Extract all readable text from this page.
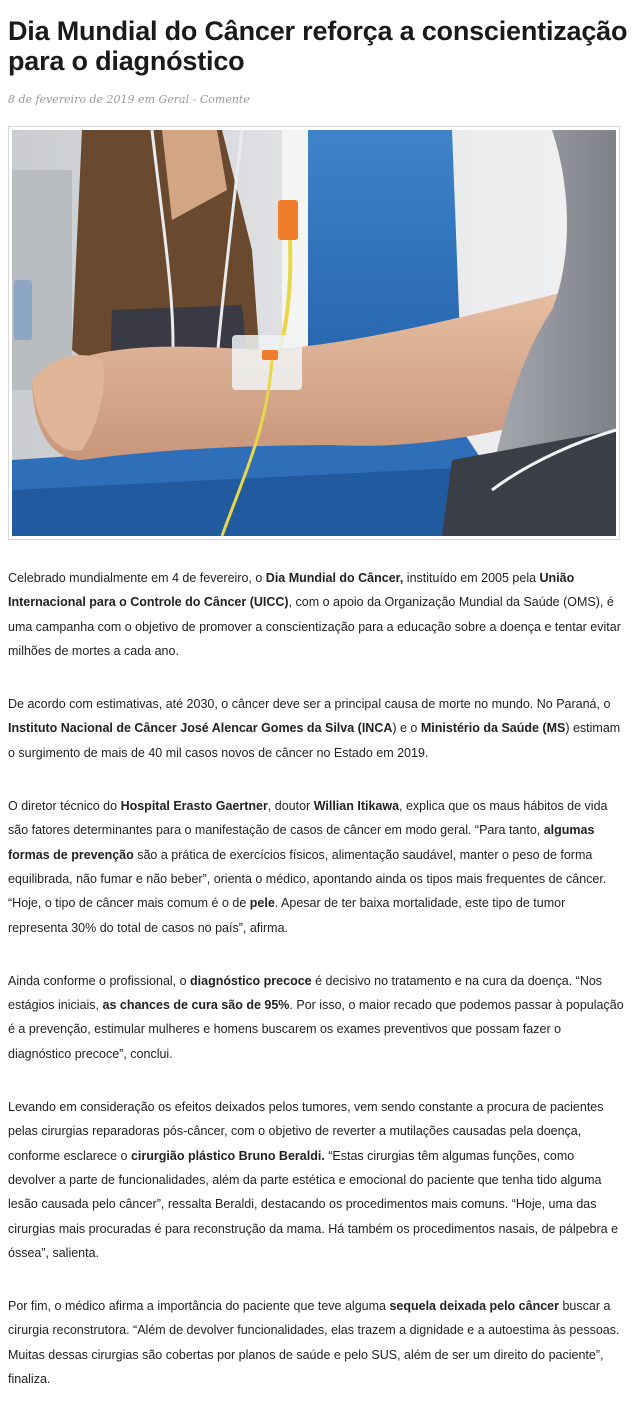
Dia Mundial do Câncer reforça a conscientização para o diagnóstico
8 de fevereiro de 2019 em Geral - Comente

Celebrado mundialmente em 4 de fevereiro, o Dia Mundial do Câncer, instituído em 2005 pela União Internacional para o Controle do Câncer (UICC), com o apoio da Organização Mundial da Saúde (OMS), é uma campanha com o objetivo de promover a conscientização para a educação sobre a doença e tentar evitar milhões de mortes a cada ano.

De acordo com estimativas, até 2030, o câncer deve ser a principal causa de morte no mundo. No Paraná, o Instituto Nacional de Câncer José Alencar Gomes da Silva (INCA) e o Ministério da Saúde (MS) estimam o surgimento de mais de 40 mil casos novos de câncer no Estado em 2019.

O diretor técnico do Hospital Erasto Gaertner, doutor Willian Itikawa, explica que os maus hábitos de vida são fatores determinantes para o manifestação de casos de câncer em modo geral. “Para tanto, algumas formas de prevenção são a prática de exercícios físicos, alimentação saudável, manter o peso de forma equilibrada, não fumar e não beber”, orienta o médico, apontando ainda os tipos mais frequentes de câncer. “Hoje, o tipo de câncer mais comum é o de pele. Apesar de ter baixa mortalidade, este tipo de tumor representa 30% do total de casos no país”, afirma.

Ainda conforme o profissional, o diagnóstico precoce é decisivo no tratamento e na cura da doença. “Nos estágios iniciais, as chances de cura são de 95%. Por isso, o maior recado que podemos passar à população é a prevenção, estimular mulheres e homens buscarem os exames preventivos que possam fazer o diagnóstico precoce”, conclui.

Levando em consideração os efeitos deixados pelos tumores, vem sendo constante a procura de pacientes pelas cirurgias reparadoras pós-câncer, com o objetivo de reverter a mutilações causadas pela doença, conforme esclarece o cirurgião plástico Bruno Beraldi. “Estas cirurgias têm algumas funções, como devolver a parte de funcionalidades, além da parte estética e emocional do paciente que tenha tido alguma lesão causada pelo câncer”, ressalta Beraldi, destacando os procedimentos mais comuns. “Hoje, uma das cirurgias mais procuradas é para reconstrução da mama. Há também os procedimentos nasais, de pálpebra e óssea”, salienta.

Por fim, o médico afirma a importância do paciente que teve alguma sequela deixada pelo câncer buscar a cirurgia reconstrutora. “Além de devolver funcionalidades, elas trazem a dignidade e a autoestima às pessoas. Muitas dessas cirurgias são cobertas por planos de saúde e pelo SUS, além de ser um direito do paciente”, finaliza.
